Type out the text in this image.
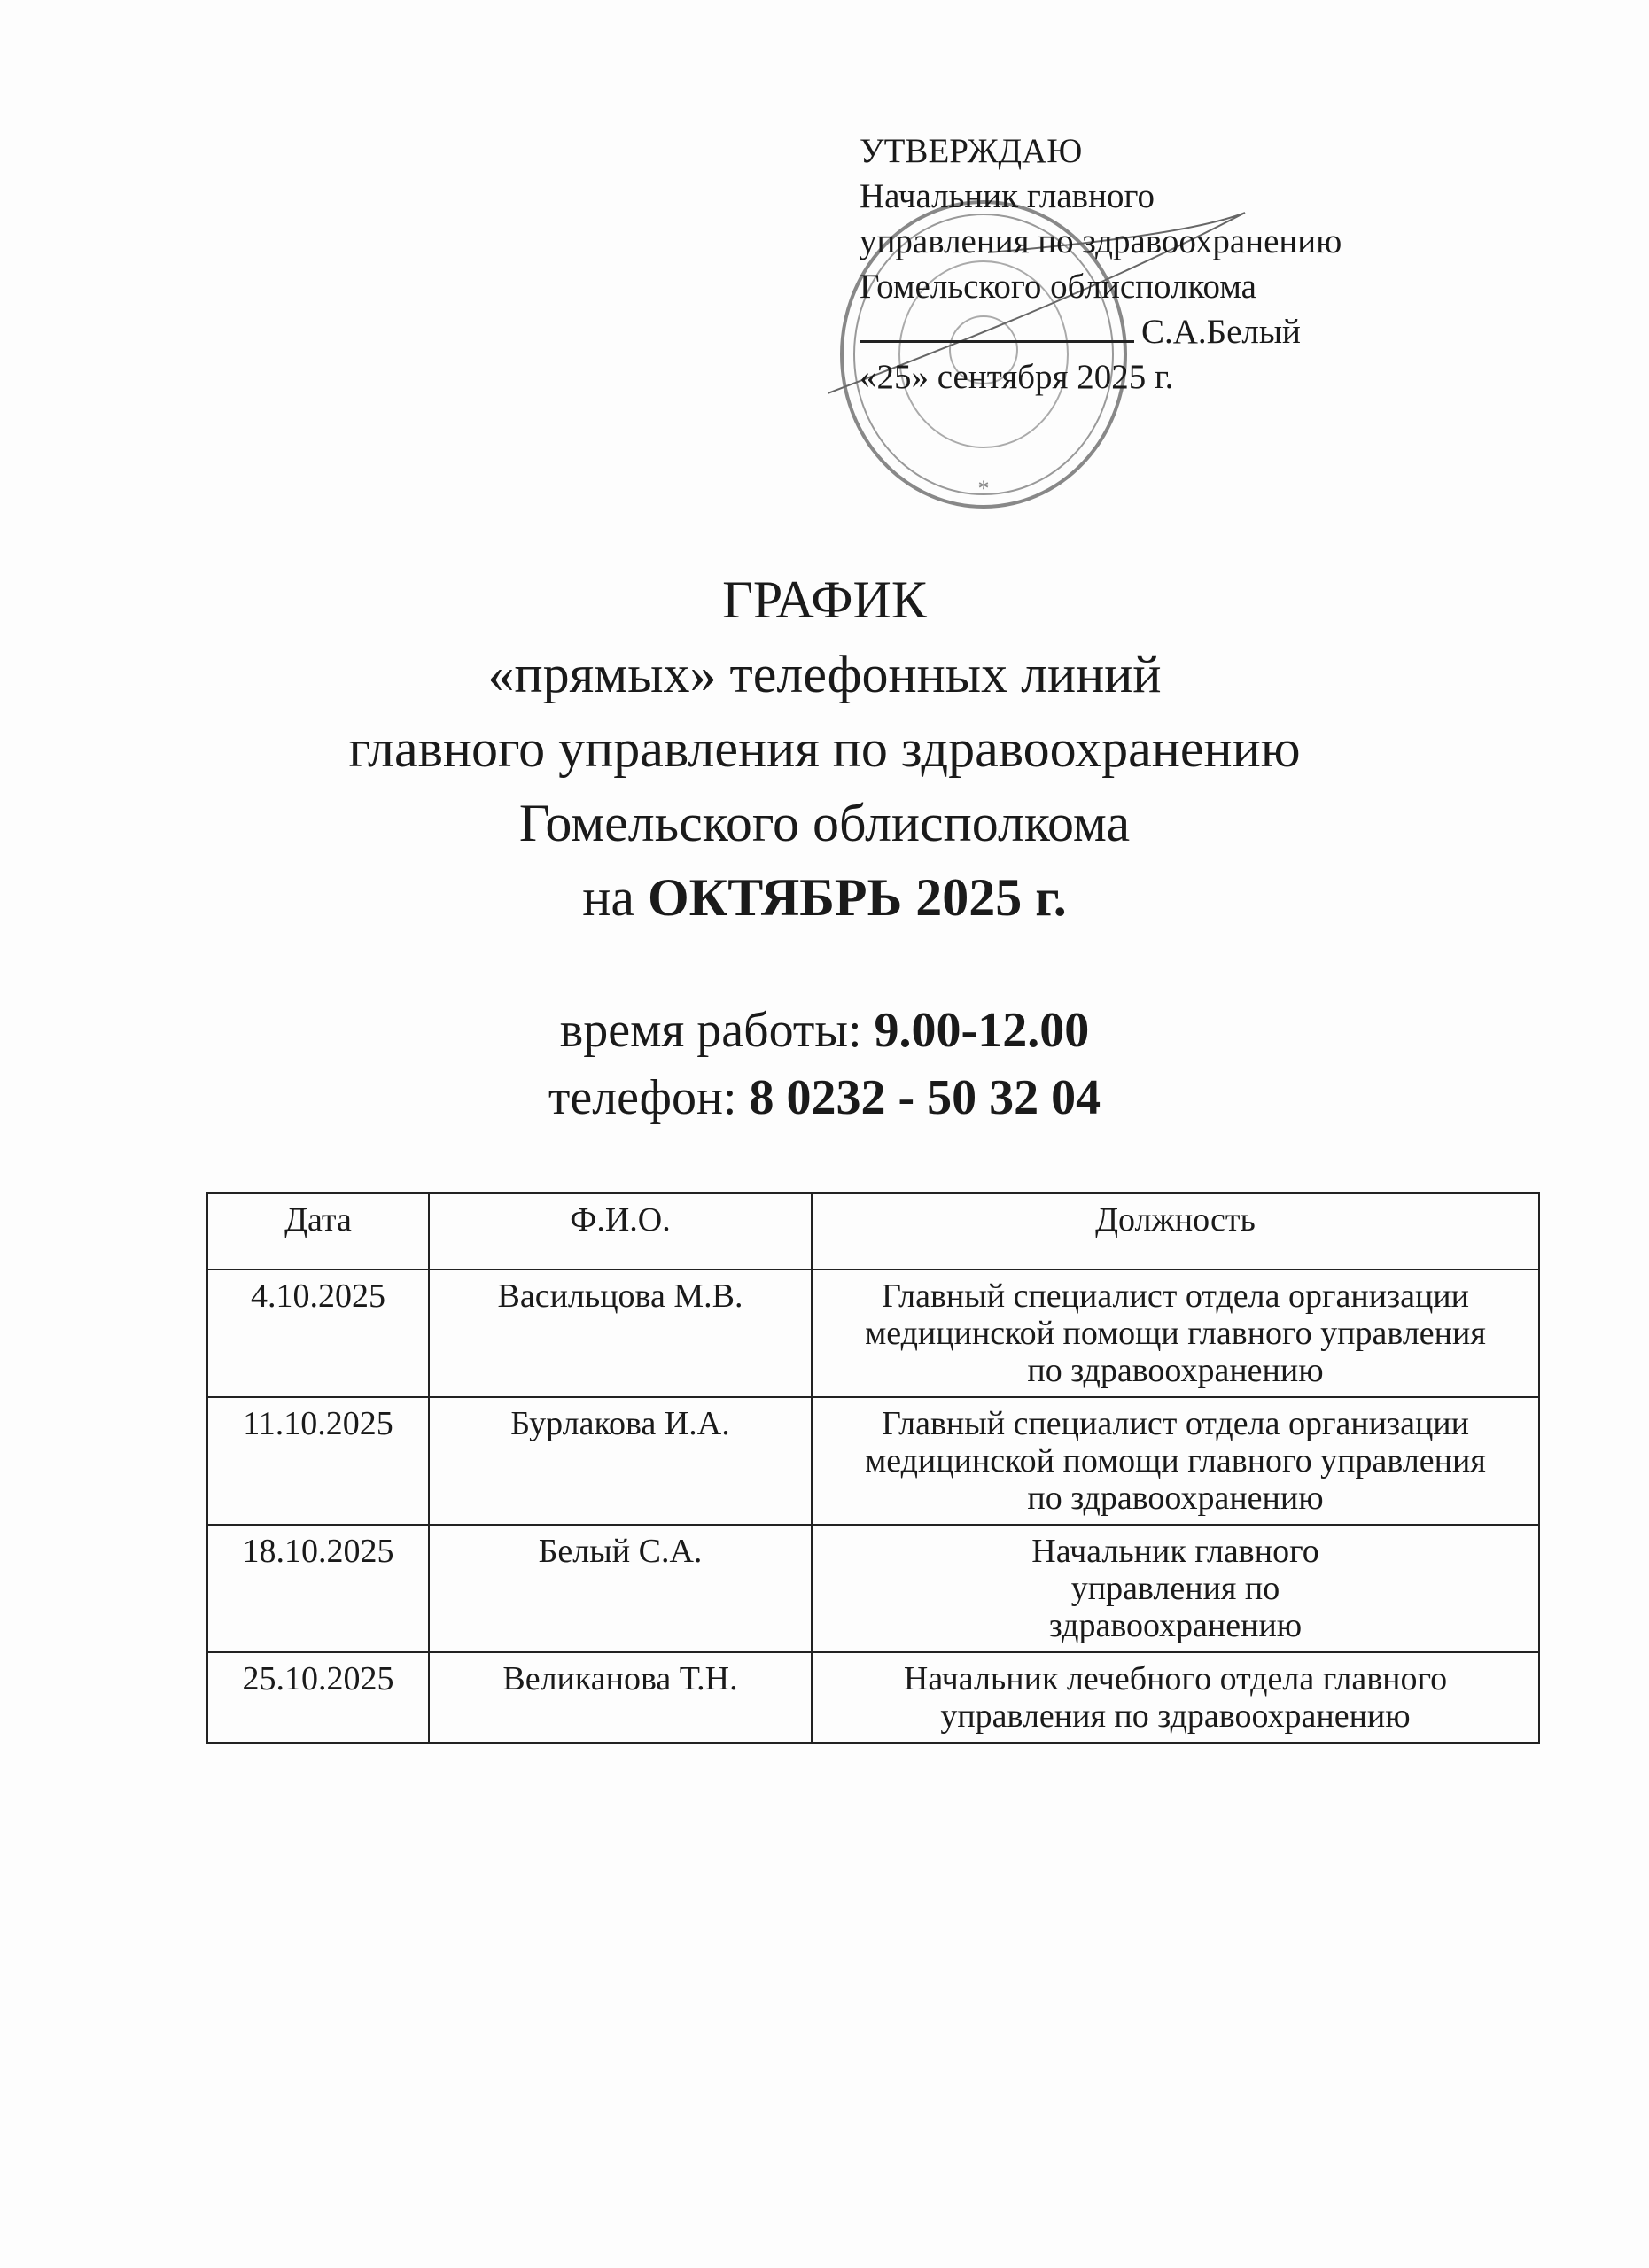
*
УТВЕРЖДАЮ
Начальник главного
управления по здравоохранению
Гомельского облисполкома
С.А.Белый
«25» сентября 2025 г.
ГРАФИК
«прямых» телефонных линий
главного управления по здравоохранению
Гомельского облисполкома
на ОКТЯБРЬ 2025 г.
время работы: 9.00-12.00
телефон: 8 0232 - 50 32 04
Дата	Ф.И.О.	Должность
4.10.2025	Васильцова М.В.	Главный специалист отдела организации медицинской помощи главного управления по здравоохранению
11.10.2025	Бурлакова И.А.	Главный специалист отдела организации медицинской помощи главного управления по здравоохранению
18.10.2025	Белый С.А.	Начальник главного управления по здравоохранению
25.10.2025	Великанова Т.Н.	Начальник лечебного отдела главного управления по здравоохранению
